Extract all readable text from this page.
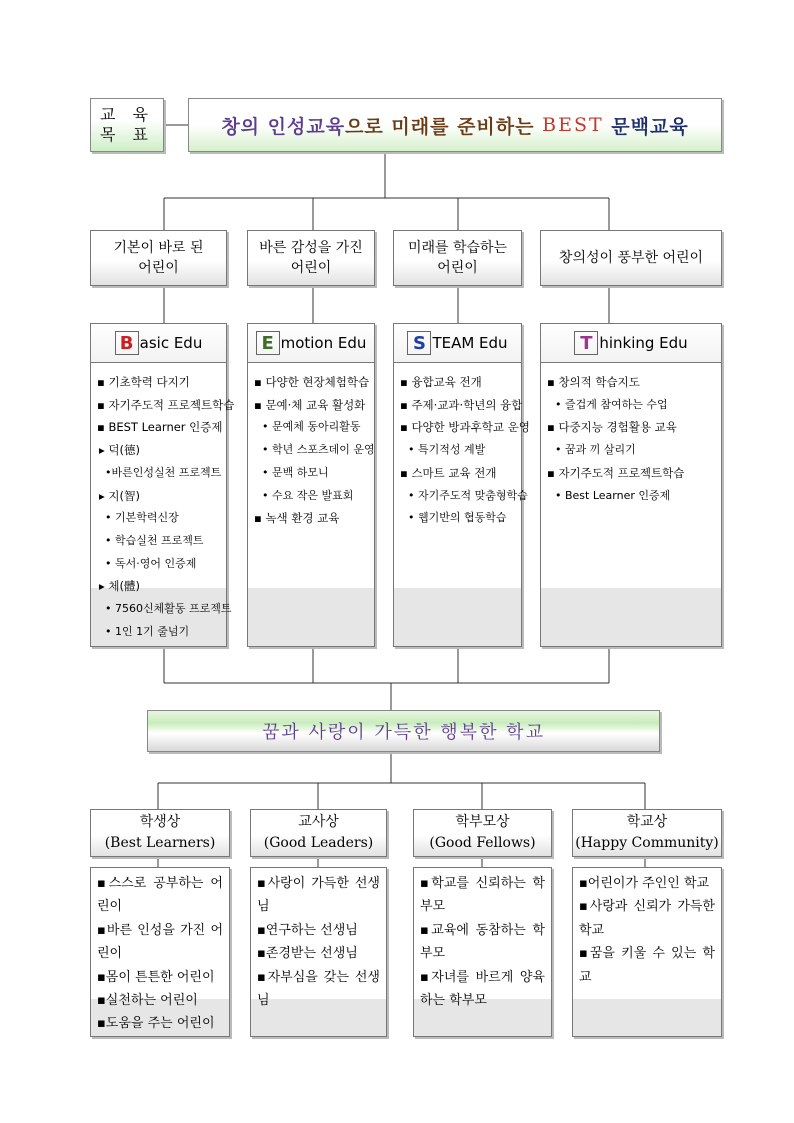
교 육
목 표	창의 인성교육 으로 미래를 준비하는 BEST 문백교육
기본이 바로 된
어린이
바른 감성을 가진
어린이
미래를 학습하는
어린이
창의성이 풍부한 어린이
B asic Edu
▪ 기초학력 다지기
▪ 자기주도적 프로젝트학습
▪ BEST Learner 인증제
▸ 덕(德)
•바른인성실천 프로젝트
▸ 지(智)
• 기본학력신장
• 학습실천 프로젝트
• 독서·영어 인증제
▸ 체(體)
• 7560신체활동 프로젝트
• 1인 1기 줄넘기
E motion Edu
▪ 다양한 현장체험학습
▪ 문예·체 교육 활성화
• 문예체 동아리활동
• 학년 스포츠데이 운영
• 문백 하모니
• 수요 작은 발표회
▪ 녹색 환경 교육
S TEAM Edu
▪ 융합교육 전개
▪ 주제·교과·학년의 융합
▪ 다양한 방과후학교 운영
• 특기적성 계발
▪ 스마트 교육 전개
• 자기주도적 맞춤형학습
• 웹기반의 협동학습
T hinking Edu
▪ 창의적 학습지도
• 즐겁게 참여하는 수업
▪ 다중지능 경험활용 교육
• 꿈과 끼 살리기
▪ 자기주도적 프로젝트학습
• Best Learner 인증제
꿈과 사랑이 가득한 행복한 학교
학생상
(Best Learners)
교사상
(Good Leaders)
학부모상
(Good Fellows)
학교상
(Happy Community)
▪스스로 공부하는 어린이
▪바른 인성을 가진 어린이
▪몸이 튼튼한 어린이
▪실천하는 어린이
▪도움을 주는 어린이
▪사랑이 가득한 선생님
▪연구하는 선생님
▪존경받는 선생님
▪자부심을 갖는 선생님
▪학교를 신뢰하는 학부모
▪교육에 동참하는 학부모
▪자녀를 바르게 양육하는 학부모
▪어린이가 주인인 학교
▪사랑과 신뢰가 가득한 학교
▪꿈을 키울 수 있는 학교
